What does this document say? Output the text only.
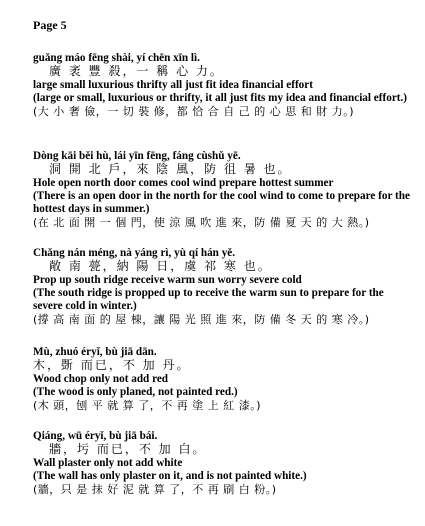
Page 5
guǎng máo fēng shài, yí chēn xīn lì.
廣 袤 豐 殺，一 稱 心 力。
large small luxurious thrifty all just fit idea financial effort
(large or small, luxurious or thrifty, it all just fits my idea and financial effort.)
(大 小 奢 儉，一 切 裝 修，都 恰 合 自 己 的 心 思 和 財 力。)
Dòng kāi běi hù, lái yīn fēng, fáng cùshǔ yē.
洞 開 北 戶，來 陰 風，防 徂 暑 也。
Hole open north door comes cool wind prepare hottest summer
(There is an open door in the north for the cool wind to come to prepare for the hottest days in summer.)
(在 北 面 開 一 個 門，使 涼 風 吹 進 來，防 備 夏 天 的 大 熱。)
Chǎng nán méng, nà yáng rì, yù qí hán yě.
敞 南 甍，納 陽 日，虞 祁 寒 也。
Prop up south ridge receive warm sun worry severe cold
(The south ridge is propped up to receive the warm sun to prepare for the severe cold in winter.)
(撐 高 南 面 的 屋 棟，讓 陽 光 照 進 來，防 備 冬 天 的 寒 冷。)
Mù, zhuó éryǐ, bù jiā dān.
木，斲 而已，不 加 丹。
Wood chop only not add red
(The wood is only planed, not painted red.)
(木 頭，刨 平 就 算 了，不 再 塗 上 紅 漆。)
Qiáng, wū éryǐ, bù jiā bái.
牆，圬 而已，不 加 白。
Wall plaster only not add white
(The wall has only plaster on it, and is not painted white.)
(牆，只 是 抹 好 泥 就 算 了，不 再 刷 白 粉。)
